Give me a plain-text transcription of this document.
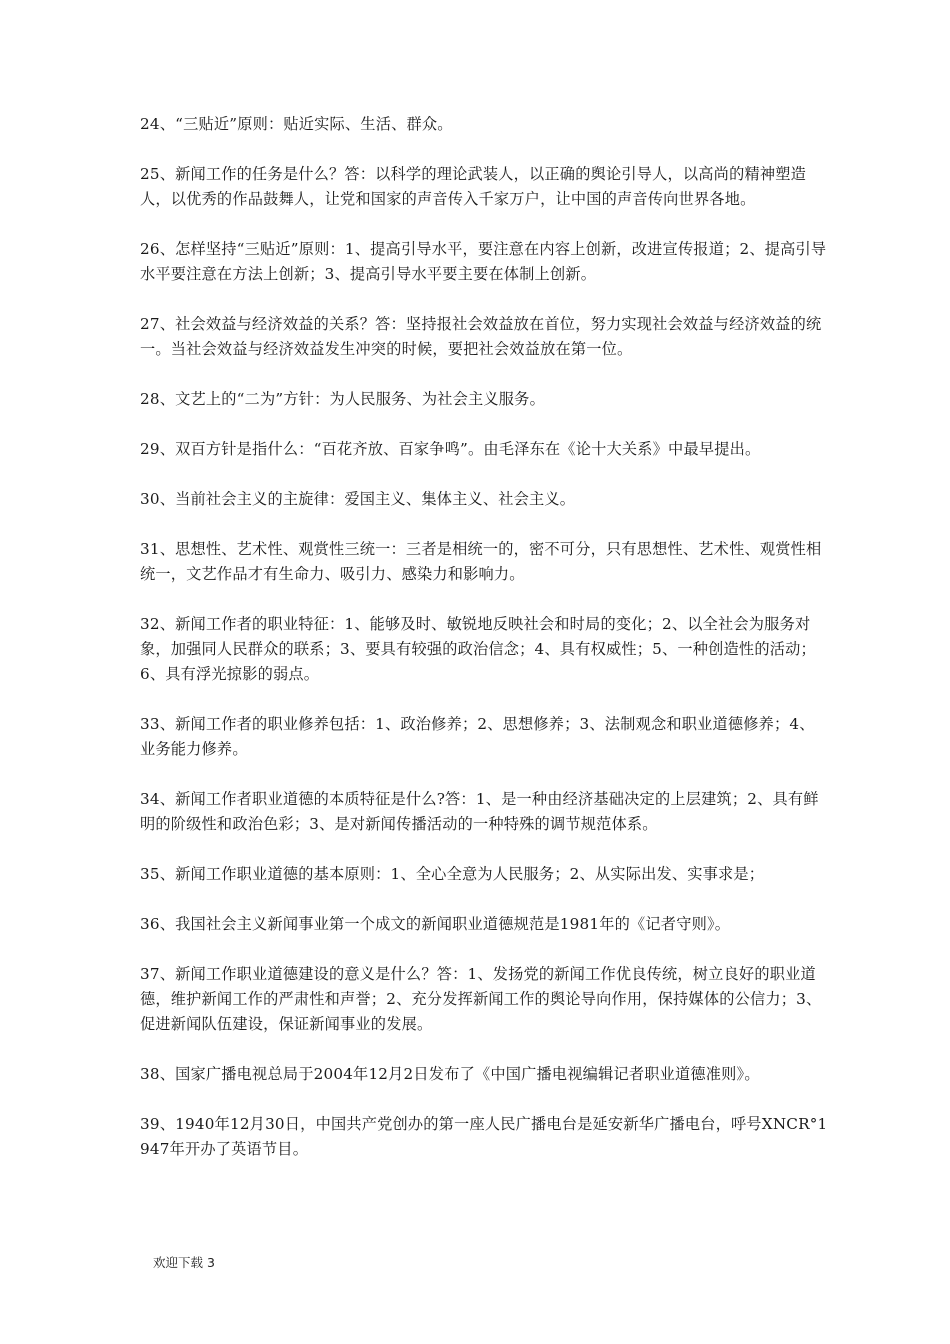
24、“三贴近”原则：贴近实际、生活、群众。

25、新闻工作的任务是什么？答：以科学的理论武装人，以正确的舆论引导人，以高尚的精神塑造人，以优秀的作品鼓舞人，让党和国家的声音传入千家万户，让中国的声音传向世界各地。

26、怎样坚持“三贴近”原则：1、提高引导水平，要注意在内容上创新，改进宣传报道；2、提高引导水平要注意在方法上创新；3、提高引导水平要主要在体制上创新。

27、社会效益与经济效益的关系？答：坚持报社会效益放在首位，努力实现社会效益与经济效益的统一。当社会效益与经济效益发生冲突的时候，要把社会效益放在第一位。

28、文艺上的“二为”方针：为人民服务、为社会主义服务。

29、双百方针是指什么：“百花齐放、百家争鸣”。由毛泽东在《论十大关系》中最早提出。

30、当前社会主义的主旋律：爱国主义、集体主义、社会主义。

31、思想性、艺术性、观赏性三统一：三者是相统一的，密不可分，只有思想性、艺术性、观赏性相统一，文艺作品才有生命力、吸引力、感染力和影响力。

32、新闻工作者的职业特征：1、能够及时、敏锐地反映社会和时局的变化；2、以全社会为服务对象，加强同人民群众的联系；3、要具有较强的政治信念；4、具有权威性；5、一种创造性的活动；6、具有浮光掠影的弱点。

33、新闻工作者的职业修养包括：1、政治修养；2、思想修养；3、法制观念和职业道德修养；4、业务能力修养。

34、新闻工作者职业道德的本质特征是什么?答：1、是一种由经济基础决定的上层建筑；2、具有鲜明的阶级性和政治色彩；3、是对新闻传播活动的一种特殊的调节规范体系。

35、新闻工作职业道德的基本原则：1、全心全意为人民服务；2、从实际出发、实事求是；

36、我国社会主义新闻事业第一个成文的新闻职业道德规范是1981年的《记者守则》。

37、新闻工作职业道德建设的意义是什么？答：1、发扬党的新闻工作优良传统，树立良好的职业道德，维护新闻工作的严肃性和声誉；2、充分发挥新闻工作的舆论导向作用，保持媒体的公信力；3、促进新闻队伍建设，保证新闻事业的发展。

38、国家广播电视总局于2004年12月2日发布了《中国广播电视编辑记者职业道德准则》。

39、1940年12月30日，中国共产党创办的第一座人民广播电台是延安新华广播电台，呼号XNCR°1947年开办了英语节目。

欢迎下载 3
